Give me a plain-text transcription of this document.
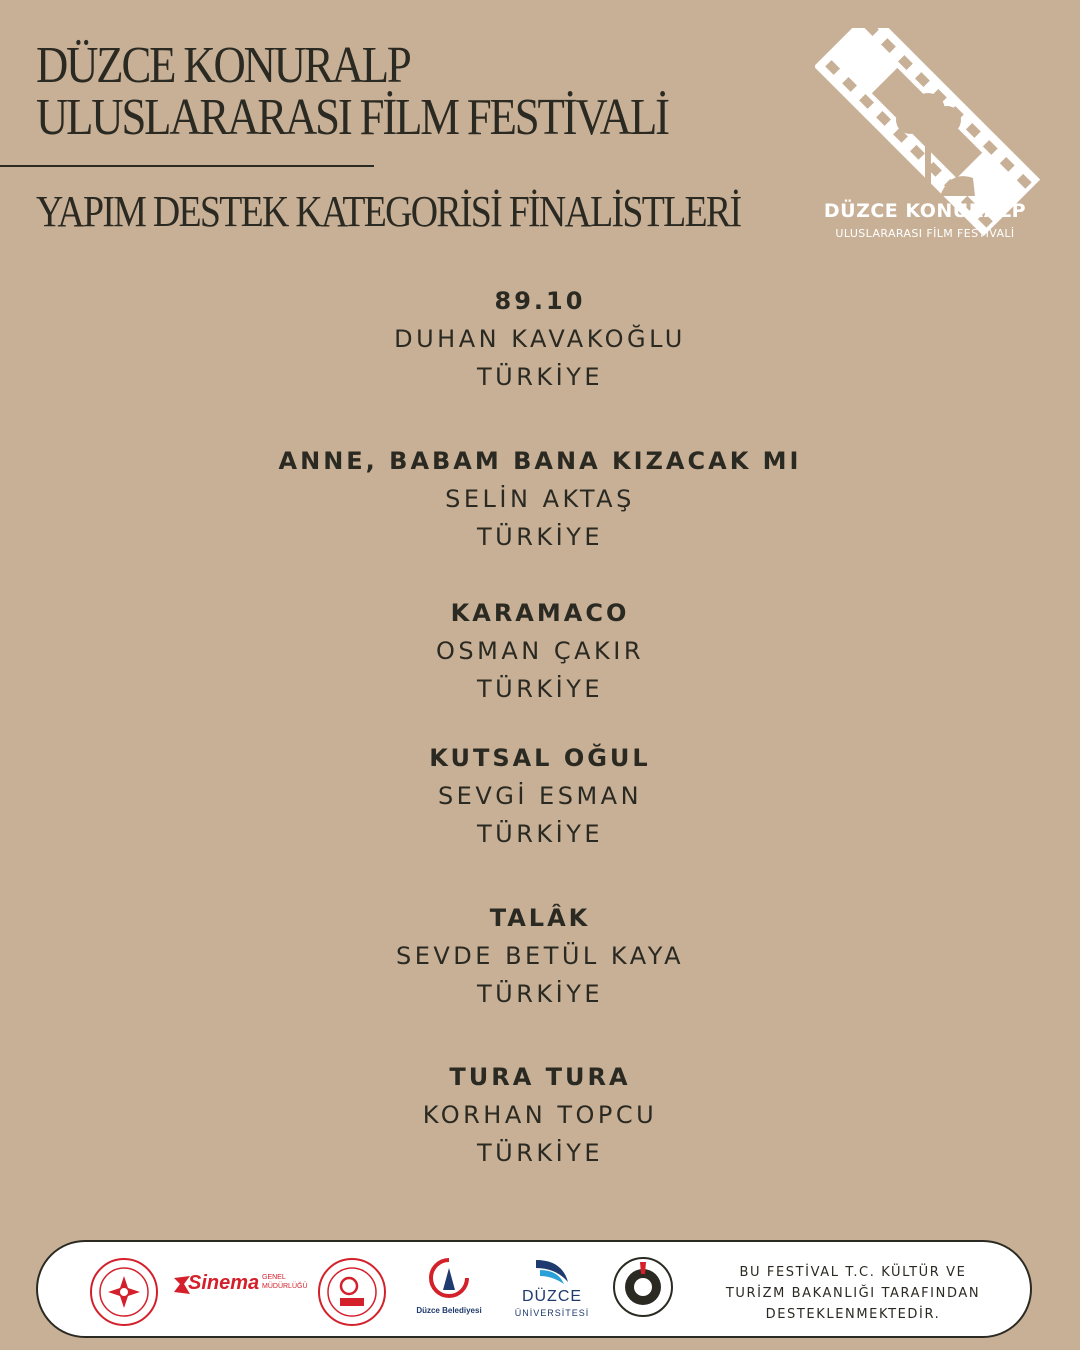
DÜZCE KONURALP
ULUSLARARASI FİLM FESTİVALİ
YAPIM DESTEK KATEGORİSİ FİNALİSTLERİ	DÜZCE KONURALP
ULUSLARARASI FİLM FESTİVALİ
89.10
DUHAN KAVAKOĞLU
TÜRKİYE
ANNE, BABAM BANA KIZACAK MI
SELİN AKTAŞ
TÜRKİYE
KARAMACO
OSMAN ÇAKIR
TÜRKİYE
KUTSAL OĞUL
SEVGİ ESMAN
TÜRKİYE
TALÂK
SEVDE BETÜL KAYA
TÜRKİYE
TURA TURA
KORHAN TOPCU
TÜRKİYE
Sinema GENEL
MÜDÜRLÜĞÜ
Düzce Belediyesi
DÜZCE
ÜNİVERSİTESİ
BU FESTİVAL T.C. KÜLTÜR VE
TURİZM BAKANLIĞI TARAFINDAN
DESTEKLENMEKTEDİR.
